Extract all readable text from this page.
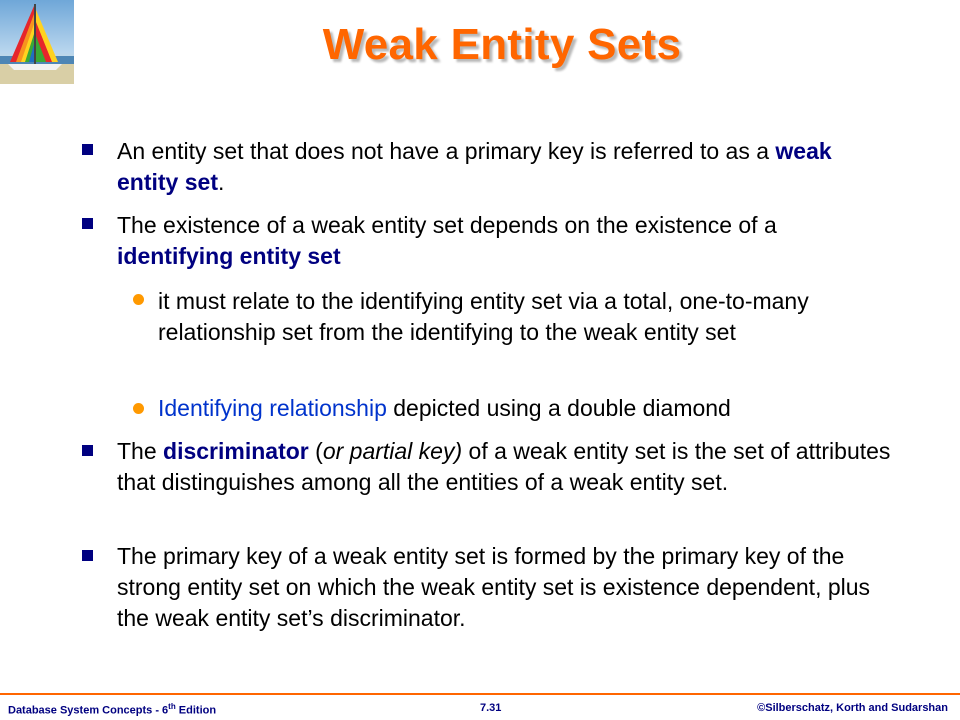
Weak Entity Sets
An entity set that does not have a primary key is referred to as a weak entity set.
The existence of a weak entity set depends on the existence of a identifying entity set
it must relate to the identifying entity set via a total, one-to-many relationship set from the identifying to the weak entity set
Identifying relationship depicted using a double diamond
The discriminator (or partial key) of a weak entity set is the set of attributes that distinguishes among all the entities of a weak entity set.
The primary key of a weak entity set is formed by the primary key of the strong entity set on which the weak entity set is existence dependent, plus the weak entity set’s discriminator.
Database System Concepts - 6th Edition	7.31	©Silberschatz, Korth and Sudarshan
